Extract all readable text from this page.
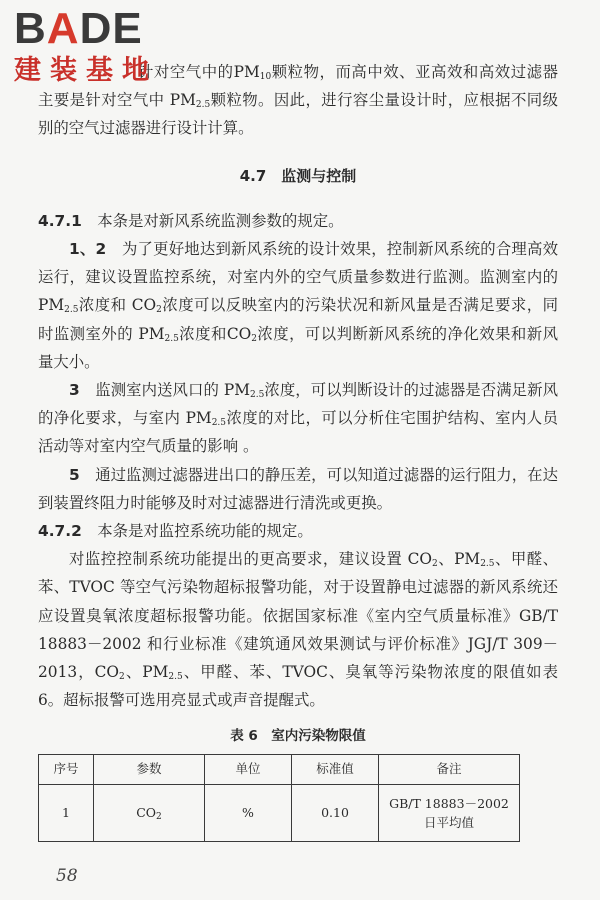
BADE
建装基地

针对空气中的$PM_{10}$颗粒物，而高中效、亚高效和高效过滤器主要是针对空气中 $PM_{2.5}$颗粒物。因此，进行容尘量设计时，应根据不同级别的空气过滤器进行设计计算。

4.7　监测与控制

4.7.1　 本条是对新风系统监测参数的规定。

1、2　 为了更好地达到新风系统的设计效果，控制新风系统的合理高效运行，建议设置监控系统，对室内外的空气质量参数进行监测。监测室内的 $PM_{2.5}$浓度和 $CO_2$浓度可以反映室内的污染状况和新风量是否满足要求，同时监测室外的 $PM_{2.5}$浓度和$CO_2$浓度，可以判断新风系统的净化效果和新风量大小。

3　 监测室内送风口的 $PM_{2.5}$浓度，可以判断设计的过滤器是否满足新风的净化要求，与室内 $PM_{2.5}$浓度的对比，可以分析住宅围护结构、室内人员活动等对室内空气质量的影响 。

5　 通过监测过滤器进出口的静压差，可以知道过滤器的运行阻力，在达到装置终阻力时能够及时对过滤器进行清洗或更换。

4.7.2　 本条是对监控系统功能的规定。

对监控控制系统功能提出的更高要求，建议设置 $CO_2$、$PM_{2.5}$、甲醛、苯、TVOC 等空气污染物超标报警功能，对于设置静电过滤器的新风系统还应设置臭氧浓度超标报警功能。依据国家标准《室内空气质量标准》GB/T 18883－2002 和行业标准《建筑通风效果测试与评价标准》JGJ/T 309－2013，$CO_2$、$PM_{2.5}$、甲醛、苯、TVOC、臭氧等污染物浓度的限值如表 6。超标报警可选用亮显式或声音提醒式。

表 6　室内污染物限值
序号	参数	单位	标准值	备注
1	$CO_2$	%	0.10	GB/T 18883－2002
日平均值
58
